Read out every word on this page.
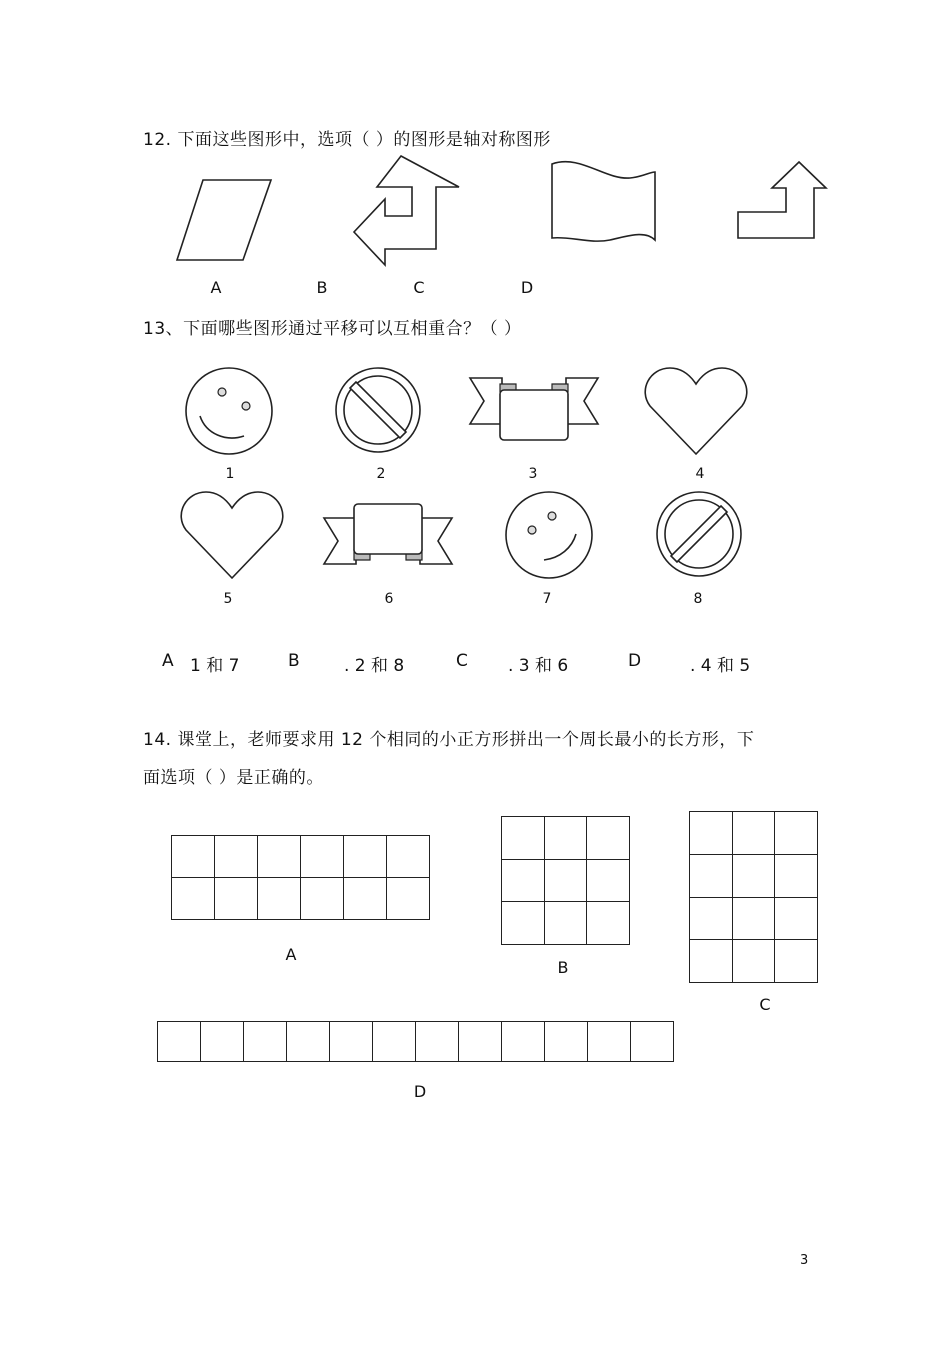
12. 下面这些图形中，选项（ ）的图形是轴对称图形
A	B	C	D
13、下面哪些图形通过平移可以互相重合？（ ）
1	2	3	4
5	6	7	8
A 1 和 7	B	. 2 和 8	C . 3 和 6	D	. 4 和 5
14. 课堂上，老师要求用 12 个相同的小正方形拼出一个周长最小的长方形，下
面选项（ ）是正确的。

A

B

C

D
3
